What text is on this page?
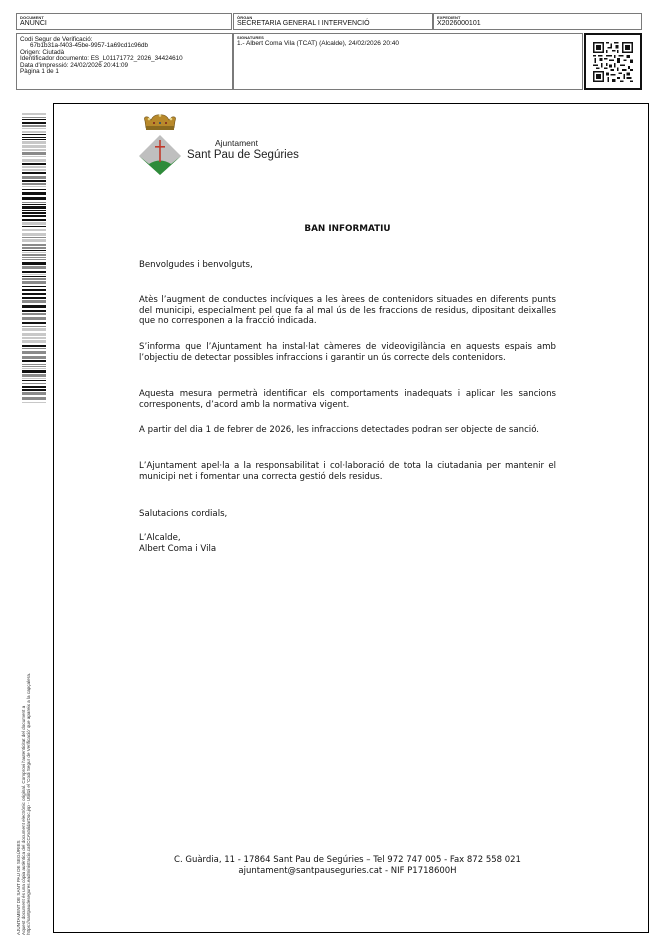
DOCUMENT
ANUNCI
ÒRGAN
SECRETARIA GENERAL I INTERVENCIÓ
EXPEDIENT
X2026000101
Codi Segur de Verificació:
67b1b31a-f403-45be-9957-1a69cd1c96db
Origen: Ciutadà
Identificador documento: ES_L01171772_2026_34424610
Data d'impressió: 24/02/2026 20:41:09
Pàgina 1 de 1
SIGNATURES
1.- Albert Coma Vila (TCAT) (Alcalde), 24/02/2026 20:40
AJUNTAMENT DE SANT PAU DE SEGÚRIES Aquest document és una còpia autèntica del document electrònic original. Comprovi l'autenticitat del document a https://santpaudesegures.eadministracio.cat/CCAValidarDoc.jsp - Utilitzi el 'Codi Segur de Verificació' que apareix a la capçalera.
Ajuntament
Sant Pau de Segúries
BAN INFORMATIU

Benvolgudes i benvolguts,

Atès l’augment de conductes incíviques a les àrees de contenidors situades en diferents punts del municipi, especialment pel que fa al mal ús de les fraccions de residus, dipositant deixalles que no corresponen a la fracció indicada.

S’informa que l’Ajuntament ha instal·lat càmeres de videovigilància en aquests espais amb l’objectiu de detectar possibles infraccions i garantir un ús correcte dels contenidors.

Aquesta mesura permetrà identificar els comportaments inadequats i aplicar les sancions corresponents, d’acord amb la normativa vigent.

A partir del dia 1 de febrer de 2026, les infraccions detectades podran ser objecte de sanció.

L’Ajuntament apel·la a la responsabilitat i col·laboració de tota la ciutadania per mantenir el municipi net i fomentar una correcta gestió dels residus.

Salutacions cordials,

L’Alcalde,

Albert Coma i Vila

C. Guàrdia, 11 - 17864 Sant Pau de Segúries – Tel 972 747 005 - Fax 872 558 021
ajuntament@santpauseguries.cat - NIF P1718600H
